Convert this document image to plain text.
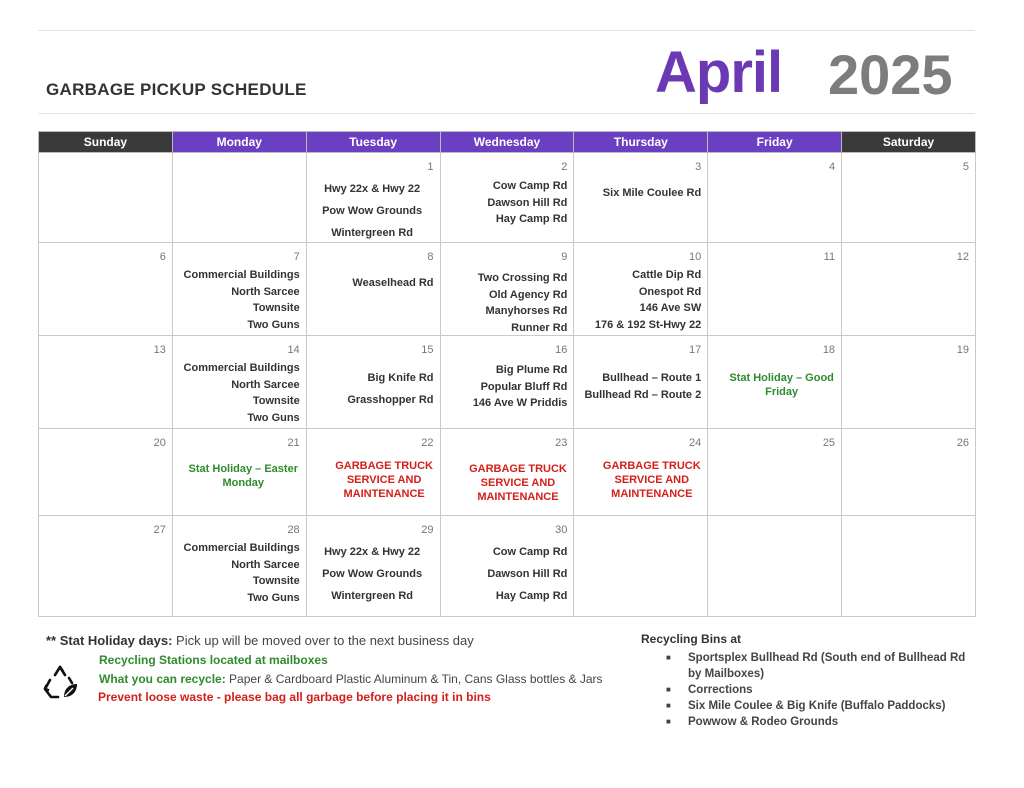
GARBAGE PICKUP SCHEDULE	April 2025
Sunday	Monday	Tuesday	Wednesday	Thursday	Friday	Saturday

		1
Hwy 22x & Hwy 22
Pow Wow Grounds
Wintergreen Rd	2
Cow Camp Rd
Dawson Hill Rd
Hay Camp Rd	3
Six Mile Coulee Rd	4	5

6	7
Commercial Buildings
North Sarcee
Townsite
Two Guns	8
Weaselhead Rd	9
Two Crossing Rd
Old Agency Rd
Manyhorses Rd
Runner Rd	10
Cattle Dip Rd
Onespot Rd
146 Ave SW
176 & 192 St-Hwy 22	11	12

13	14
Commercial Buildings
North Sarcee
Townsite
Two Guns	15
Big Knife Rd
Grasshopper Rd	16
Big Plume Rd
Popular Bluff Rd
146 Ave W Priddis	17
Bullhead – Route 1
Bullhead Rd – Route 2	18
Stat Holiday – Good Friday	19

20	21
Stat Holiday – Easter Monday	22
GARBAGE TRUCK SERVICE AND MAINTENANCE	23
GARBAGE TRUCK SERVICE AND MAINTENANCE	24
GARBAGE TRUCK SERVICE AND MAINTENANCE	25	26

27	28
Commercial Buildings
North Sarcee
Townsite
Two Guns	29
Hwy 22x & Hwy 22
Pow Wow Grounds
Wintergreen Rd	30
Cow Camp Rd
Dawson Hill Rd
Hay Camp Rd			

** Stat Holiday days: Pick up will be moved over to the next business day
Recycling Stations located at mailboxes
What you can recycle: Paper & Cardboard Plastic Aluminum & Tin, Cans Glass bottles & Jars
Prevent loose waste - please bag all garbage before placing it in bins
Recycling Bins at
■ Sportsplex Bullhead Rd (South end of Bullhead Rd by Mailboxes)
■ Corrections
■ Six Mile Coulee & Big Knife (Buffalo Paddocks)
■ Powwow & Rodeo Grounds
